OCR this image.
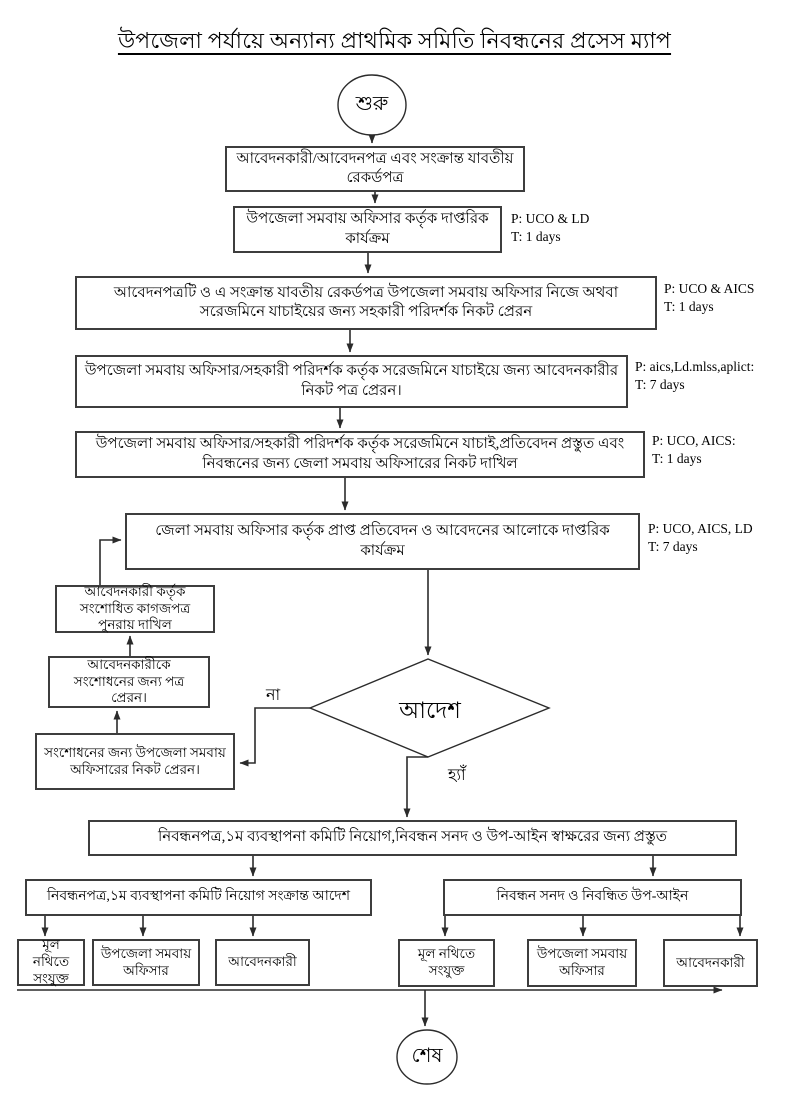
উপজেলা পর্যায়ে অন্যান্য প্রাথমিক সমিতি নিবন্ধনের প্রসেস ম্যাপ
শুরু
শেষ
আবেদনকারী/আবেদনপত্র এবং সংক্রান্ত যাবতীয় রেকর্ডপত্র
উপজেলা সমবায় অফিসার কর্তৃক দাপ্তরিক কার্যক্রম
P: UCO & LD
T: 1 days
আবেদনপত্রটি ও এ সংক্রান্ত যাবতীয় রেকর্ডপত্র উপজেলা সমবায় অফিসার নিজে অথবা সরেজমিনে যাচাইয়ের জন্য সহকারী পরিদর্শক নিকট প্রেরন
P: UCO & AICS
T: 1 days
উপজেলা সমবায় অফিসার/সহকারী পরিদর্শক কর্তৃক সরেজমিনে যাচাইয়ে জন্য আবেদনকারীর নিকট পত্র প্রেরন।
P: aics,Ld.mlss,aplict:
T: 7 days
উপজেলা সমবায় অফিসার/সহকারী পরিদর্শক কর্তৃক সরেজমিনে যাচাই,প্রতিবেদন প্রস্তুত এবং নিবন্ধনের জন্য জেলা সমবায় অফিসারের নিকট দাখিল
P: UCO, AICS:
T: 1 days
জেলা সমবায় অফিসার কর্তৃক প্রাপ্ত প্রতিবেদন ও আবেদনের আলোকে দাপ্তরিক কার্যক্রম
P: UCO, AICS, LD
T: 7 days
আবেদনকারী কর্তৃক সংশোধিত কাগজপত্র পুনরায় দাখিল
আবেদনকারীকে সংশোধনের জন্য পত্র প্রেরন।
সংশোধনের জন্য উপজেলা সমবায় অফিসারের নিকট প্রেরন।
আদেশ
না
হ্যাঁ
নিবন্ধনপত্র,১ম ব্যবস্থাপনা কমিটি নিয়োগ,নিবন্ধন সনদ ও উপ-আইন স্বাক্ষরের জন্য প্রস্তুত
নিবন্ধনপত্র,১ম ব্যবস্থাপনা কমিটি নিয়োগ সংক্রান্ত আদেশ	নিবন্ধন সনদ ও নিবন্ধিত উপ-আইন
মূল নথিতে সংযুক্ত
উপজেলা সমবায় অফিসার
আবেদনকারী
মূল নথিতে সংযুক্ত
উপজেলা সমবায় অফিসার
আবেদনকারী
